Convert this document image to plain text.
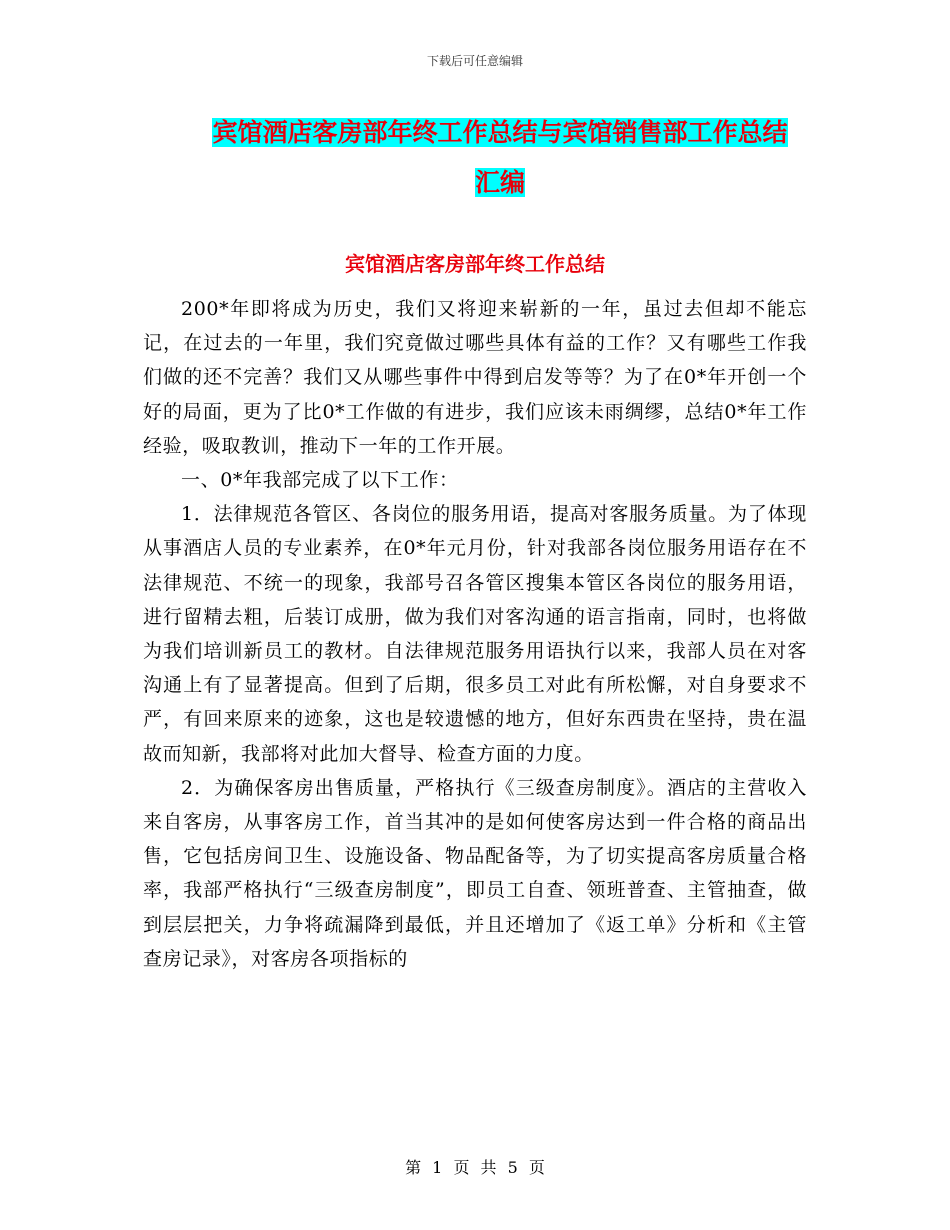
下载后可任意编辑
宾馆酒店客房部年终工作总结与宾馆销售部工作总结
汇编
宾馆酒店客房部年终工作总结

200*年即将成为历史，我们又将迎来崭新的一年，虽过去但却不能忘记，在过去的一年里，我们究竟做过哪些具体有益的工作？又有哪些工作我们做的还不完善？我们又从哪些事件中得到启发等等？为了在0*年开创一个好的局面，更为了比0*工作做的有进步，我们应该未雨绸缪，总结0*年工作经验，吸取教训，推动下一年的工作开展。

一、0*年我部完成了以下工作：

1．法律规范各管区、各岗位的服务用语，提高对客服务质量。为了体现从事酒店人员的专业素养，在0*年元月份，针对我部各岗位服务用语存在不法律规范、不统一的现象，我部号召各管区搜集本管区各岗位的服务用语，进行留精去粗，后装订成册，做为我们对客沟通的语言指南，同时，也将做为我们培训新员工的教材。自法律规范服务用语执行以来，我部人员在对客沟通上有了显著提高。但到了后期，很多员工对此有所松懈，对自身要求不严，有回来原来的迹象，这也是较遗憾的地方，但好东西贵在坚持，贵在温故而知新，我部将对此加大督导、检查方面的力度。

2．为确保客房出售质量，严格执行《三级查房制度》。酒店的主营收入来自客房，从事客房工作，首当其冲的是如何使客房达到一件合格的商品出售，它包括房间卫生、设施设备、物品配备等，为了切实提高客房质量合格率，我部严格执行“三级查房制度”，即员工自查、领班普查、主管抽查，做到层层把关，力争将疏漏降到最低，并且还增加了《返工单》分析和《主管查房记录》，对客房各项指标的

第 1 页 共 5 页
